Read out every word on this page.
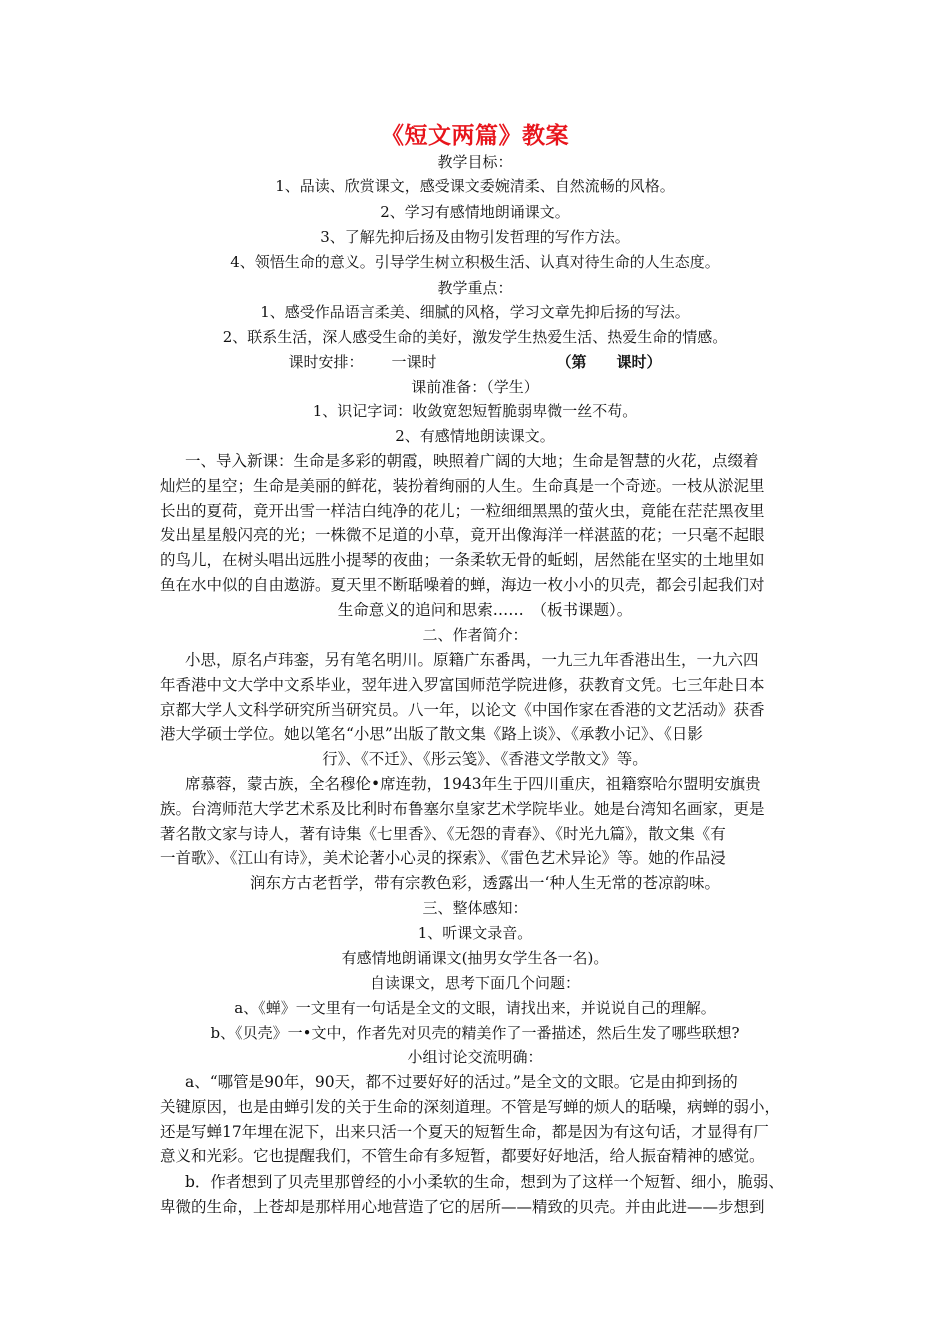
《短文两篇》教案
教学目标：
1、品读、欣赏课文，感受课文委婉清柔、自然流畅的风格。
2、学习有感情地朗诵课文。
3、了解先抑后扬及由物引发哲理的写作方法。
4、领悟生命的意义。引导学生树立积极生活、认真对待生命的人生态度。
教学重点：
1、感受作品语言柔美、细腻的风格，学习文章先抑后扬的写法。
2、联系生活，深人感受生命的美好，激发学生热爱生活、热爱生命的情感。
课时安排： 一课时	（第　　课时）
课前准备：（学生）
1、识记字词：收敛宽恕短暂脆弱卑微一丝不苟。
2、有感情地朗读课文。
一、导入新课：生命是多彩的朝霞，映照着广阔的大地；生命是智慧的火花，点缀着
灿烂的星空；生命是美丽的鲜花，装扮着绚丽的人生。生命真是一个奇迹。一枝从淤泥里
长出的夏荷，竟开出雪一样洁白纯净的花儿；一粒细细黑黑的萤火虫，竟能在茫茫黑夜里
发出星星般闪亮的光；一株微不足道的小草，竟开出像海洋一样湛蓝的花；一只毫不起眼
的鸟儿，在树头唱出远胜小提琴的夜曲；一条柔软无骨的蚯蚓，居然能在坚实的土地里如
鱼在水中似的自由遨游。夏天里不断聒噪着的蝉，海边一枚小小的贝壳，都会引起我们对
生命意义的追问和思索……　（板书课题）。
二、作者简介：
小思，原名卢玮銮，另有笔名明川。原籍广东番禺，一九三九年香港出生，一九六四
年香港中文大学中文系毕业，翌年进入罗富国师范学院进修，获教育文凭。七三年赴日本
京都大学人文科学研究所当研究员。八一年，以论文《中国作家在香港的文艺活动》获香
港大学硕士学位。她以笔名“小思”出版了散文集《路上谈》、《承教小记》、《日影
行》、《不迁》、《彤云笺》、《香港文学散文》等。
席慕蓉，蒙古族，全名穆伦•席连勃，1943年生于四川重庆，祖籍察哈尔盟明安旗贵
族。台湾师范大学艺术系及比利时布鲁塞尔皇家艺术学院毕业。她是台湾知名画家，更是
著名散文家与诗人，著有诗集《七里香》、《无怨的青春》、《时光九篇》，散文集《有
一首歌》、《江山有诗》，美术论著小心灵的探索》、《雷色艺术异论》等。她的作品浸
润东方古老哲学，带有宗教色彩，透露出一‘种人生无常的苍凉韵味。
三、整体感知：
1、听课文录音。
有感情地朗诵课文(抽男女学生各一名)。
自读课文，思考下面几个问题：
a、《蝉》一文里有一句话是全文的文眼，请找出来，并说说自己的理解。
b、《贝壳》一•文中，作者先对贝壳的精美作了一番描述，然后生发了哪些联想?
小组讨论交流明确：
a、“哪管是90年，90天，都不过要好好的活过。”是全文的文眼。它是由抑到扬的
关键原因，也是由蝉引发的关于生命的深刻道理。不管是写蝉的烦人的聒噪，病蝉的弱小，
还是写蝉17年埋在泥下，出来只活一个夏天的短暂生命，都是因为有这句话，才显得有厂
意义和光彩。它也提醒我们，不管生命有多短暂，都要好好地活，给人振奋精神的感觉。
b．作者想到了贝壳里那曾经的小小柔软的生命，想到为了这样一个短暂、细小，脆弱、
卑微的生命，上苍却是那样用心地营造了它的居所——精致的贝壳。并由此进——步想到
